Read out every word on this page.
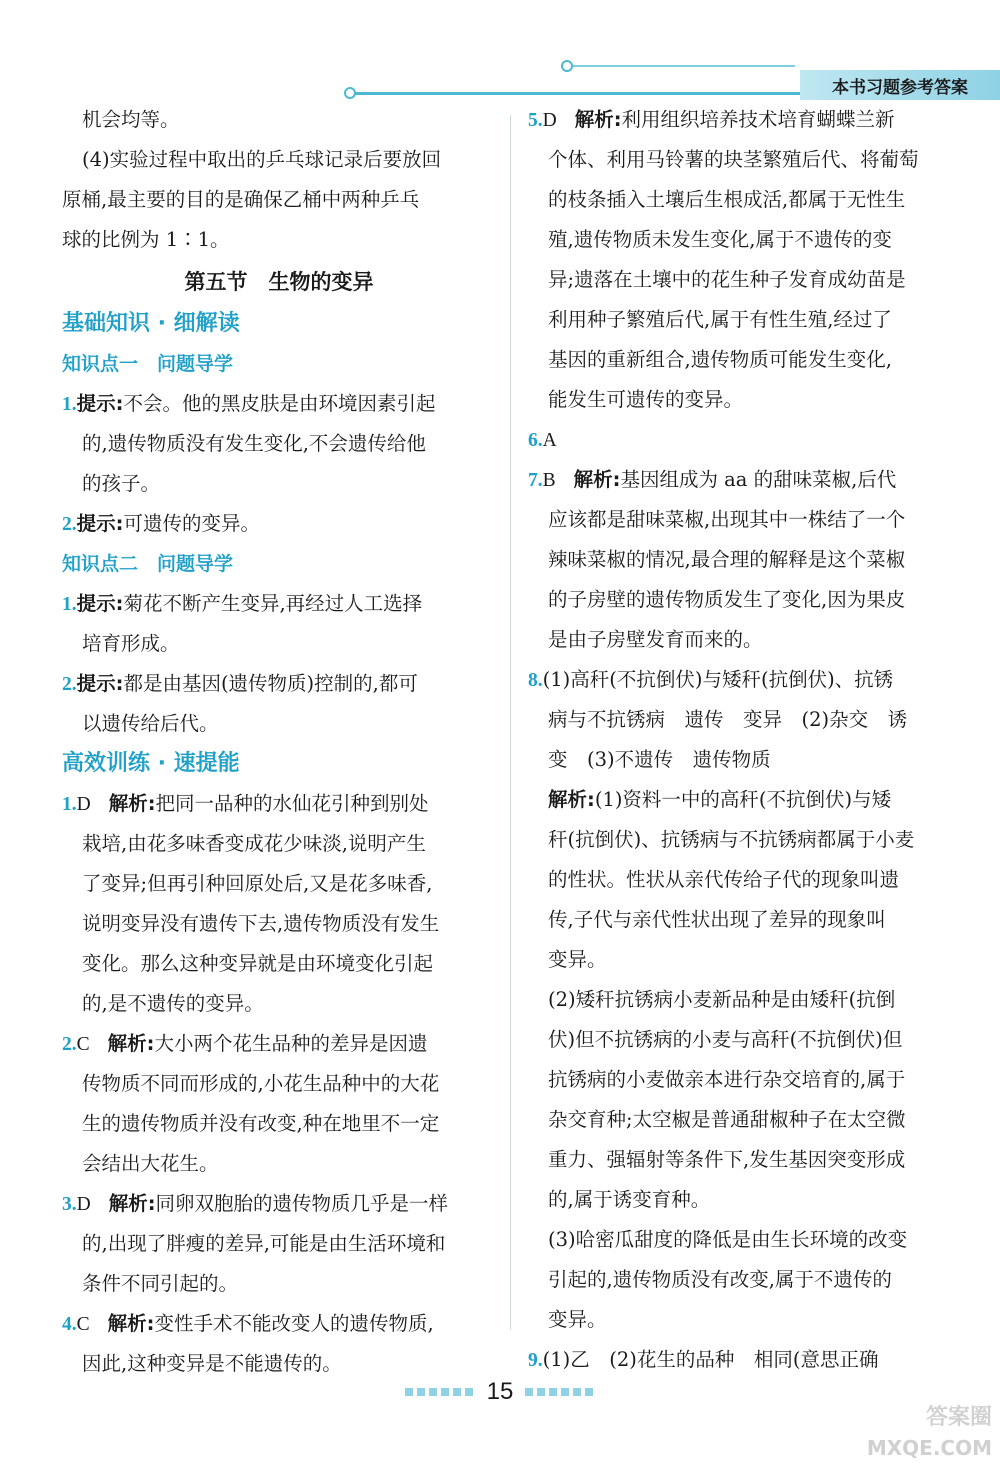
本书习题参考答案
机会均等。
(4)实验过程中取出的乒乓球记录后要放回
原桶,最主要的目的是确保乙桶中两种乒乓
球的比例为 1∶1。
第五节　生物的变异
基础知识 · 细解读
知识点一　问题导学
1.提示:不会。他的黑皮肤是由环境因素引起
的,遗传物质没有发生变化,不会遗传给他
的孩子。
2.提示:可遗传的变异。
知识点二　问题导学
1.提示:菊花不断产生变异,再经过人工选择
培育形成。
2.提示:都是由基因(遗传物质)控制的,都可
以遗传给后代。
高效训练 · 速提能
1.D 解析:把同一品种的水仙花引种到别处
栽培,由花多味香变成花少味淡,说明产生
了变异;但再引种回原处后,又是花多味香,
说明变异没有遗传下去,遗传物质没有发生
变化。那么这种变异就是由环境变化引起
的,是不遗传的变异。
2.C 解析:大小两个花生品种的差异是因遗
传物质不同而形成的,小花生品种中的大花
生的遗传物质并没有改变,种在地里不一定
会结出大花生。
3.D 解析:同卵双胞胎的遗传物质几乎是一样
的,出现了胖瘦的差异,可能是由生活环境和
条件不同引起的。
4.C 解析:变性手术不能改变人的遗传物质,
因此,这种变异是不能遗传的。
5.D 解析:利用组织培养技术培育蝴蝶兰新
个体、利用马铃薯的块茎繁殖后代、将葡萄
的枝条插入土壤后生根成活,都属于无性生
殖,遗传物质未发生变化,属于不遗传的变
异;遗落在土壤中的花生种子发育成幼苗是
利用种子繁殖后代,属于有性生殖,经过了
基因的重新组合,遗传物质可能发生变化,
能发生可遗传的变异。
6.A
7.B 解析:基因组成为 aa 的甜味菜椒,后代
应该都是甜味菜椒,出现其中一株结了一个
辣味菜椒的情况,最合理的解释是这个菜椒
的子房壁的遗传物质发生了变化,因为果皮
是由子房壁发育而来的。
8.(1)高秆(不抗倒伏)与矮秆(抗倒伏)、抗锈
病与不抗锈病　遗传　变异　(2)杂交　诱
变　(3)不遗传　遗传物质
解析:(1)资料一中的高秆(不抗倒伏)与矮
秆(抗倒伏)、抗锈病与不抗锈病都属于小麦
的性状。性状从亲代传给子代的现象叫遗
传,子代与亲代性状出现了差异的现象叫
变异。
(2)矮秆抗锈病小麦新品种是由矮秆(抗倒
伏)但不抗锈病的小麦与高秆(不抗倒伏)但
抗锈病的小麦做亲本进行杂交培育的,属于
杂交育种;太空椒是普通甜椒种子在太空微
重力、强辐射等条件下,发生基因突变形成
的,属于诱变育种。
(3)哈密瓜甜度的降低是由生长环境的改变
引起的,遗传物质没有改变,属于不遗传的
变异。
9.(1)乙　(2)花生的品种　相同(意思正确
15
答案圈
MXQE.COM
